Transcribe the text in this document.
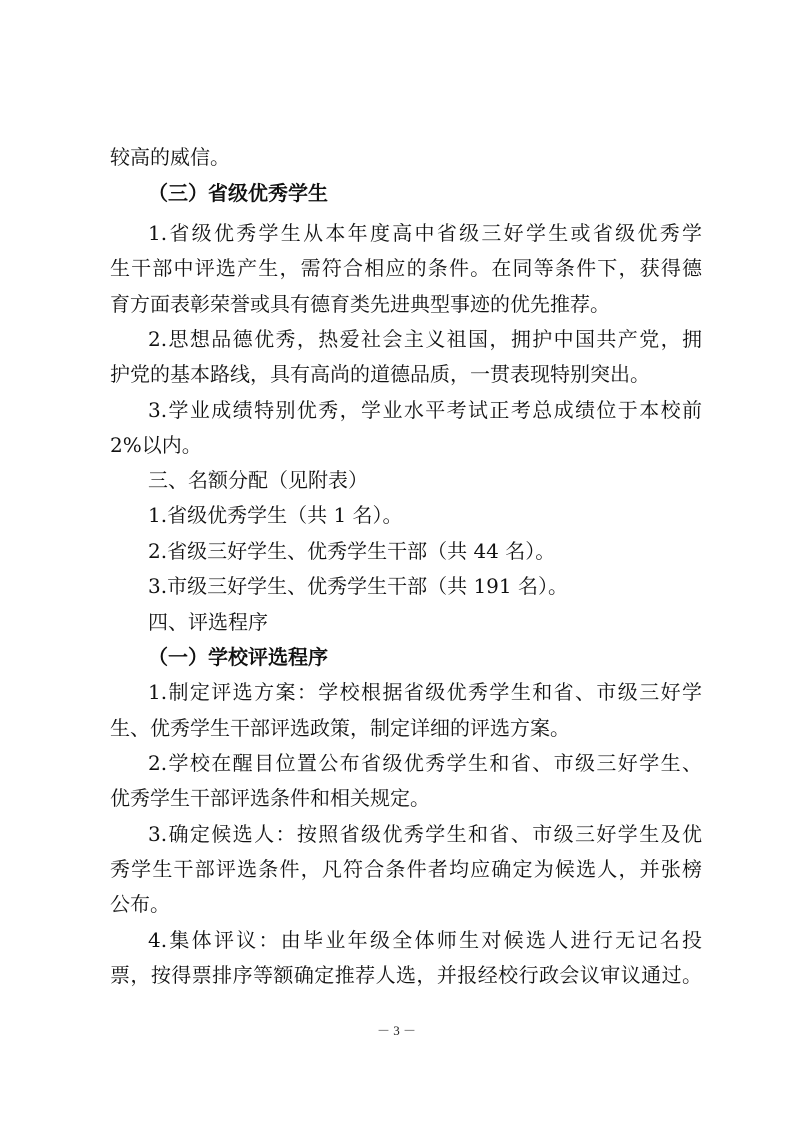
较高的威信。
（三）省级优秀学生
1.省级优秀学生从本年度高中省级三好学生或省级优秀学
生干部中评选产生，需符合相应的条件。在同等条件下，获得德
育方面表彰荣誉或具有德育类先进典型事迹的优先推荐。
2.思想品德优秀，热爱社会主义祖国，拥护中国共产党，拥
护党的基本路线，具有高尚的道德品质，一贯表现特别突出。
3.学业成绩特别优秀，学业水平考试正考总成绩位于本校前
2%以内。
三、名额分配（见附表）
1.省级优秀学生（共 1 名）。
2.省级三好学生、优秀学生干部（共 44 名）。
3.市级三好学生、优秀学生干部（共 191 名）。
四、评选程序
（一）学校评选程序
1.制定评选方案：学校根据省级优秀学生和省、市级三好学
生、优秀学生干部评选政策，制定详细的评选方案。
2.学校在醒目位置公布省级优秀学生和省、市级三好学生、
优秀学生干部评选条件和相关规定。
3.确定候选人：按照省级优秀学生和省、市级三好学生及优
秀学生干部评选条件，凡符合条件者均应确定为候选人，并张榜
公布。
4.集体评议：由毕业年级全体师生对候选人进行无记名投
票，按得票排序等额确定推荐人选，并报经校行政会议审议通过。
－ 3 －
